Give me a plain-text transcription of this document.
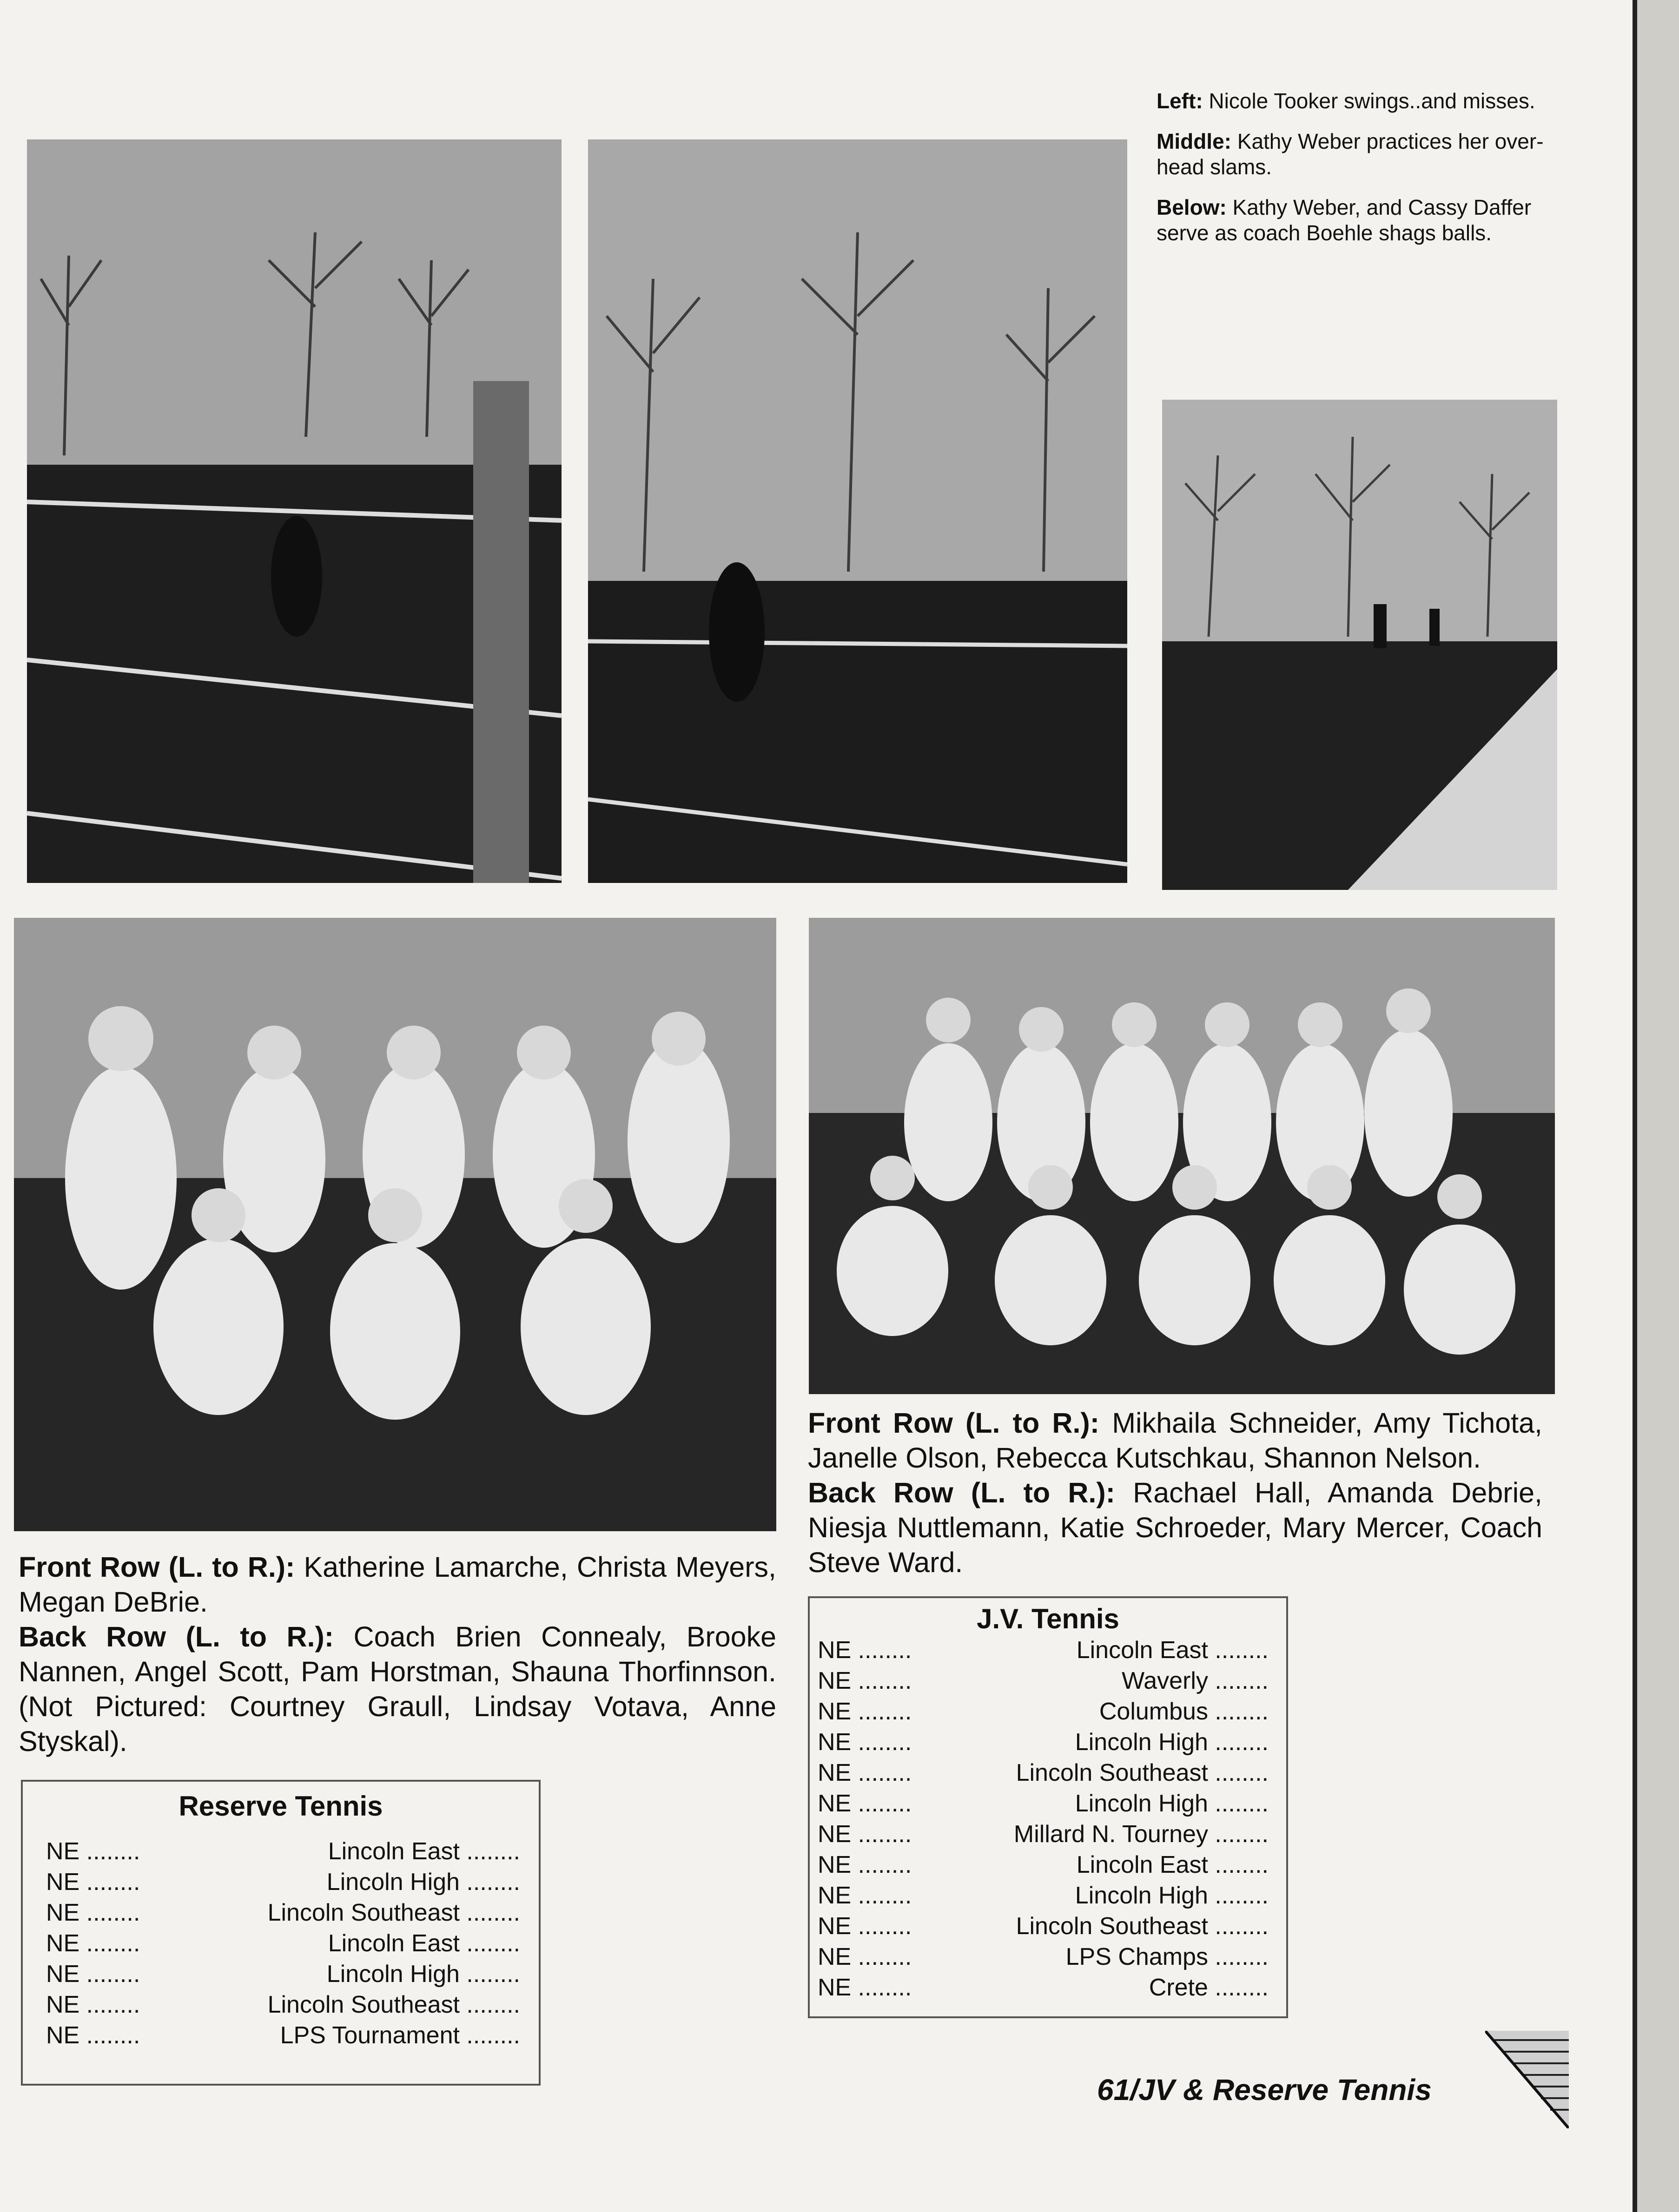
Left: Nicole Tooker swings..and misses.

Middle: Kathy Weber practices her over-head slams.

Below: Kathy Weber, and Cassy Daffer serve as coach Boehle shags balls.

Front Row (L. to R.): Katherine Lamarche, Christa Meyers, Megan DeBrie.
Back Row (L. to R.): Coach Brien Connealy, Brooke Nannen, Angel Scott, Pam Horstman, Shauna Thorfinnson. (Not Pictured: Courtney Graull, Lindsay Votava, Anne Styskal).
Front Row (L. to R.): Mikhaila Schneider, Amy Tichota, Janelle Olson, Rebecca Kutschkau, Shannon Nelson.
Back Row (L. to R.): Rachael Hall, Amanda Debrie, Niesja Nuttlemann, Katie Schroeder, Mary Mercer, Coach Steve Ward.
Reserve Tennis
NE ........	Lincoln East ........
NE ........	Lincoln High ........
NE ........	Lincoln Southeast ........
NE ........	Lincoln East ........
NE ........	Lincoln High ........
NE ........	Lincoln Southeast ........
NE ........	LPS Tournament ........
J.V. Tennis
NE ........	Lincoln East ........
NE ........	Waverly ........
NE ........	Columbus ........
NE ........	Lincoln High ........
NE ........	Lincoln Southeast ........
NE ........	Lincoln High ........
NE ........	Millard N. Tourney ........
NE ........	Lincoln East ........
NE ........	Lincoln High ........
NE ........	Lincoln Southeast ........
NE ........	LPS Champs ........
NE ........	Crete ........
61/JV & Reserve Tennis
